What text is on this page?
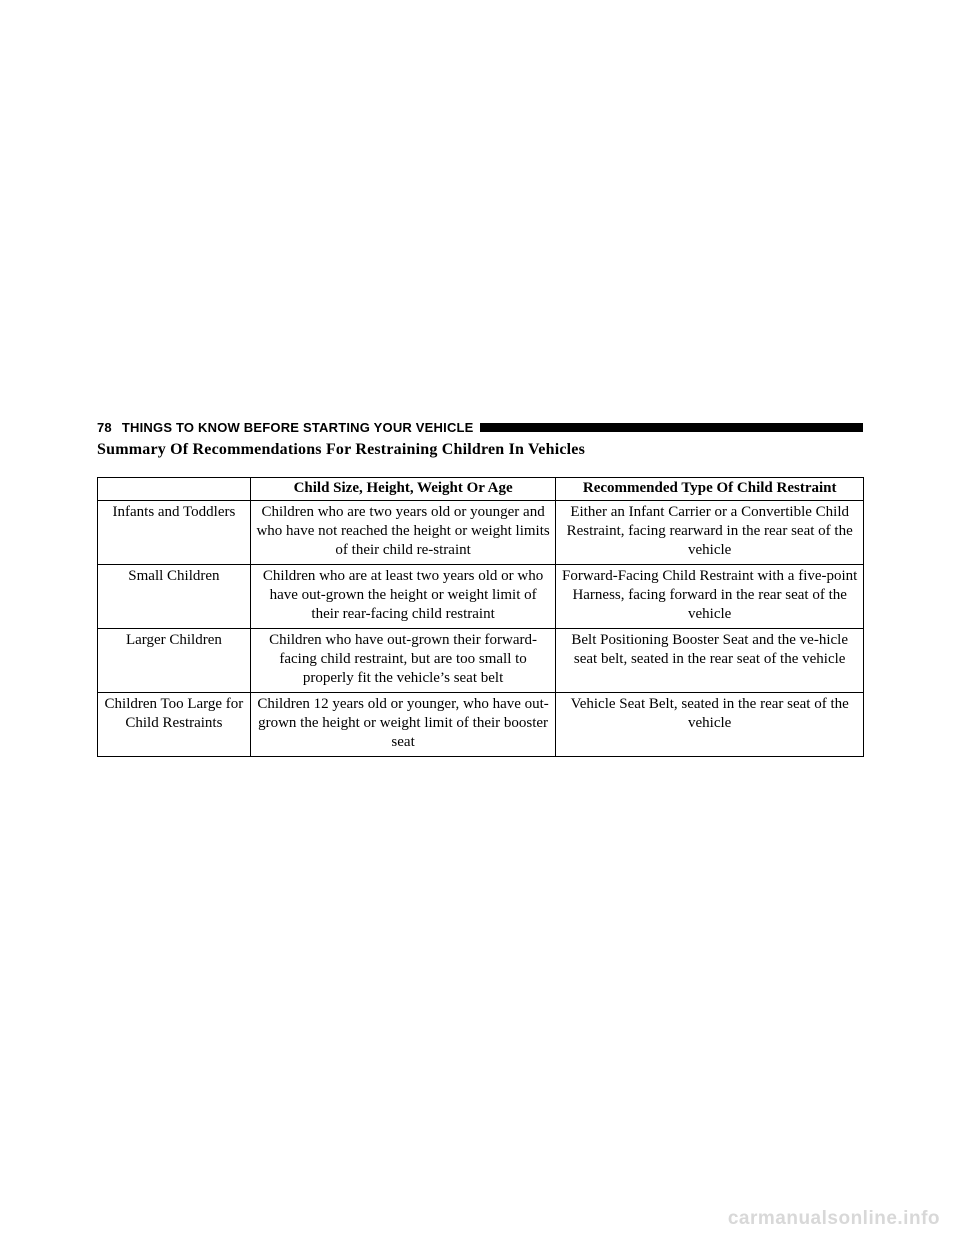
78 THINGS TO KNOW BEFORE STARTING YOUR VEHICLE
Summary Of Recommendations For Restraining Children In Vehicles
	Child Size, Height, Weight Or Age	Recommended Type Of Child Restraint
Infants and Toddlers	Children who are two years old or younger and who have not reached the height or weight limits of their child re-straint	Either an Infant Carrier or a Convertible Child Restraint, facing rearward in the rear seat of the vehicle
Small Children	Children who are at least two years old or who have out-grown the height or weight limit of their rear-facing child restraint	Forward-Facing Child Restraint with a five-point Harness, facing forward in the rear seat of the vehicle
Larger Children	Children who have out-grown their forward-facing child restraint, but are too small to properly fit the vehicle’s seat belt	Belt Positioning Booster Seat and the ve-hicle seat belt, seated in the rear seat of the vehicle
Children Too Large for Child Restraints	Children 12 years old or younger, who have out-grown the height or weight limit of their booster seat	Vehicle Seat Belt, seated in the rear seat of the vehicle
carmanualsonline.info
